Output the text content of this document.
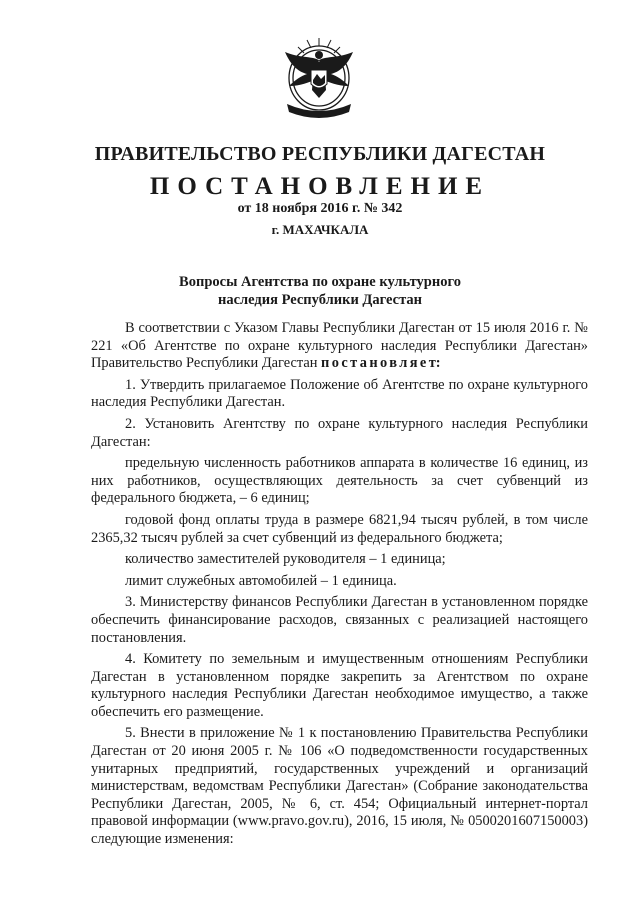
ПРАВИТЕЛЬСТВО РЕСПУБЛИКИ ДАГЕСТАН
ПОСТАНОВЛЕНИЕ
от 18 ноября 2016 г. № 342
г. МАХАЧКАЛА
Вопросы Агентства по охране культурного
наследия Республики Дагестан

В соответствии с Указом Главы Республики Дагестан от 15 июля 2016 г. № 221 «Об Агентстве по охране культурного наследия Республики Дагестан» Правительство Республики Дагестан постановляет:

1. Утвердить прилагаемое Положение об Агентстве по охране культурного наследия Республики Дагестан.

2. Установить Агентству по охране культурного наследия Республики Дагестан:

предельную численность работников аппарата в количестве 16 единиц, из них работников, осуществляющих деятельность за счет субвенций из федерального бюджета, – 6 единиц;

годовой фонд оплаты труда в размере 6821,94 тысяч рублей, в том числе 2365,32 тысяч рублей за счет субвенций из федерального бюджета;

количество заместителей руководителя – 1 единица;

лимит служебных автомобилей – 1 единица.

3. Министерству финансов Республики Дагестан в установленном порядке обеспечить финансирование расходов, связанных с реализацией настоящего постановления.

4. Комитету по земельным и имущественным отношениям Республики Дагестан в установленном порядке закрепить за Агентством по охране культурного наследия Республики Дагестан необходимое имущество, а также обеспечить его размещение.

5. Внести в приложение № 1 к постановлению Правительства Республики Дагестан от 20 июня 2005 г. № 106 «О подведомственности государственных унитарных предприятий, государственных учреждений и организаций министерствам, ведомствам Республики Дагестан» (Собрание законодательства Республики Дагестан, 2005, № 6, ст. 454; Официальный интернет-портал правовой информации (www.pravo.gov.ru), 2016, 15 июля, № 0500201607150003) следующие изменения:
